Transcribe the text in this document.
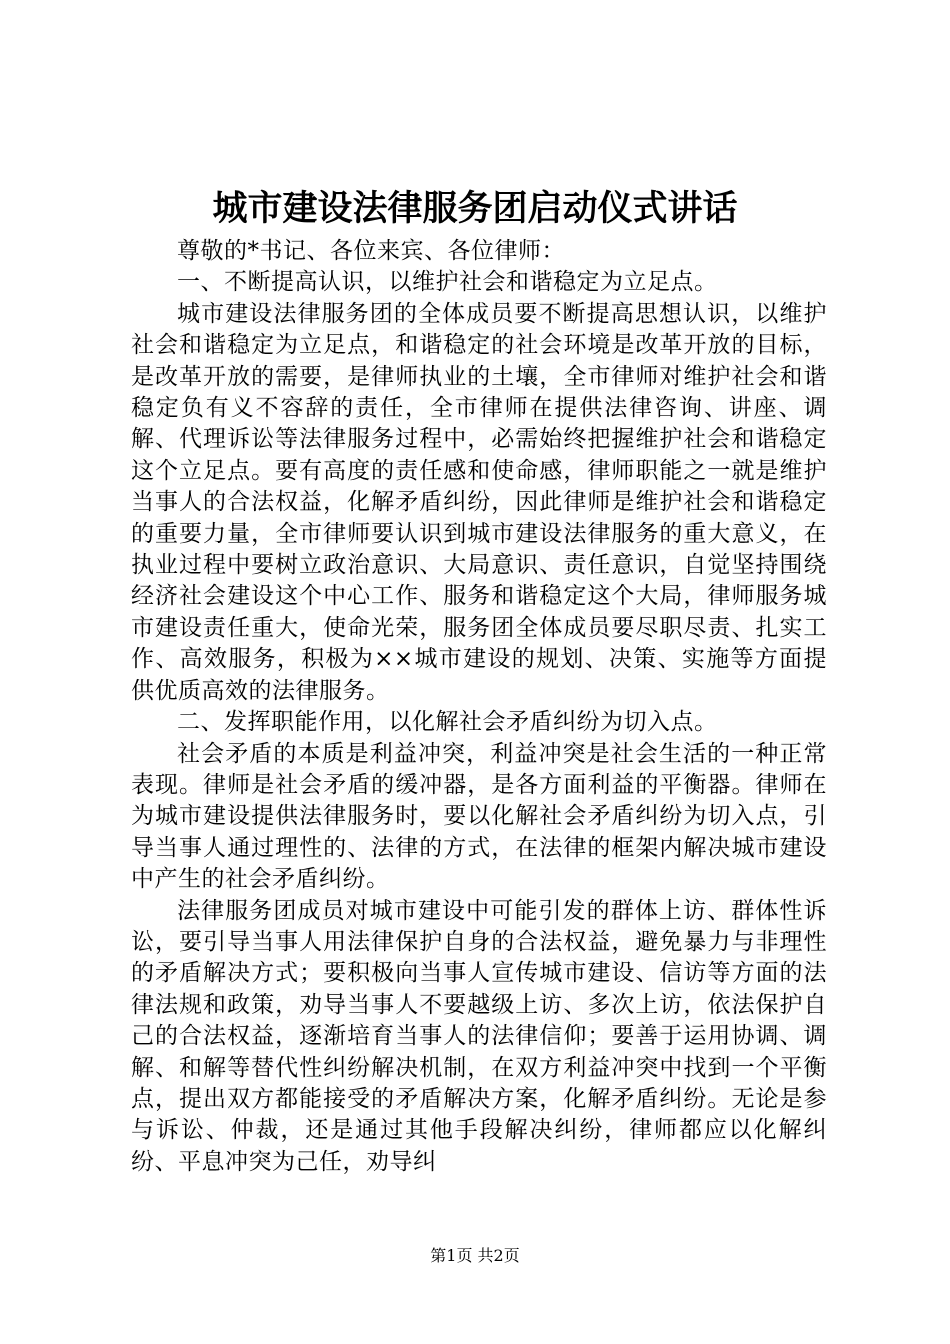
城市建设法律服务团启动仪式讲话

尊敬的*书记、各位来宾、各位律师：

一、不断提高认识，以维护社会和谐稳定为立足点。

城市建设法律服务团的全体成员要不断提高思想认识，以维护社会和谐稳定为立足点，和谐稳定的社会环境是改革开放的目标，是改革开放的需要，是律师执业的土壤，全市律师对维护社会和谐稳定负有义不容辞的责任，全市律师在提供法律咨询、讲座、调解、代理诉讼等法律服务过程中，必需始终把握维护社会和谐稳定这个立足点。要有高度的责任感和使命感，律师职能之一就是维护当事人的合法权益，化解矛盾纠纷，因此律师是维护社会和谐稳定的重要力量，全市律师要认识到城市建设法律服务的重大意义，在执业过程中要树立政治意识、大局意识、责任意识，自觉坚持围绕经济社会建设这个中心工作、服务和谐稳定这个大局，律师服务城市建设责任重大，使命光荣，服务团全体成员要尽职尽责、扎实工作、高效服务，积极为××城市建设的规划、决策、实施等方面提供优质高效的法律服务。

二、发挥职能作用，以化解社会矛盾纠纷为切入点。

社会矛盾的本质是利益冲突，利益冲突是社会生活的一种正常表现。律师是社会矛盾的缓冲器，是各方面利益的平衡器。律师在为城市建设提供法律服务时，要以化解社会矛盾纠纷为切入点，引导当事人通过理性的、法律的方式，在法律的框架内解决城市建设中产生的社会矛盾纠纷。

法律服务团成员对城市建设中可能引发的群体上访、群体性诉讼，要引导当事人用法律保护自身的合法权益，避免暴力与非理性的矛盾解决方式；要积极向当事人宣传城市建设、信访等方面的法律法规和政策，劝导当事人不要越级上访、多次上访，依法保护自己的合法权益，逐渐培育当事人的法律信仰；要善于运用协调、调解、和解等替代性纠纷解决机制，在双方利益冲突中找到一个平衡点，提出双方都能接受的矛盾解决方案，化解矛盾纠纷。无论是参与诉讼、仲裁，还是通过其他手段解决纠纷，律师都应以化解纠纷、平息冲突为己任，劝导纠

第1页 共2页
